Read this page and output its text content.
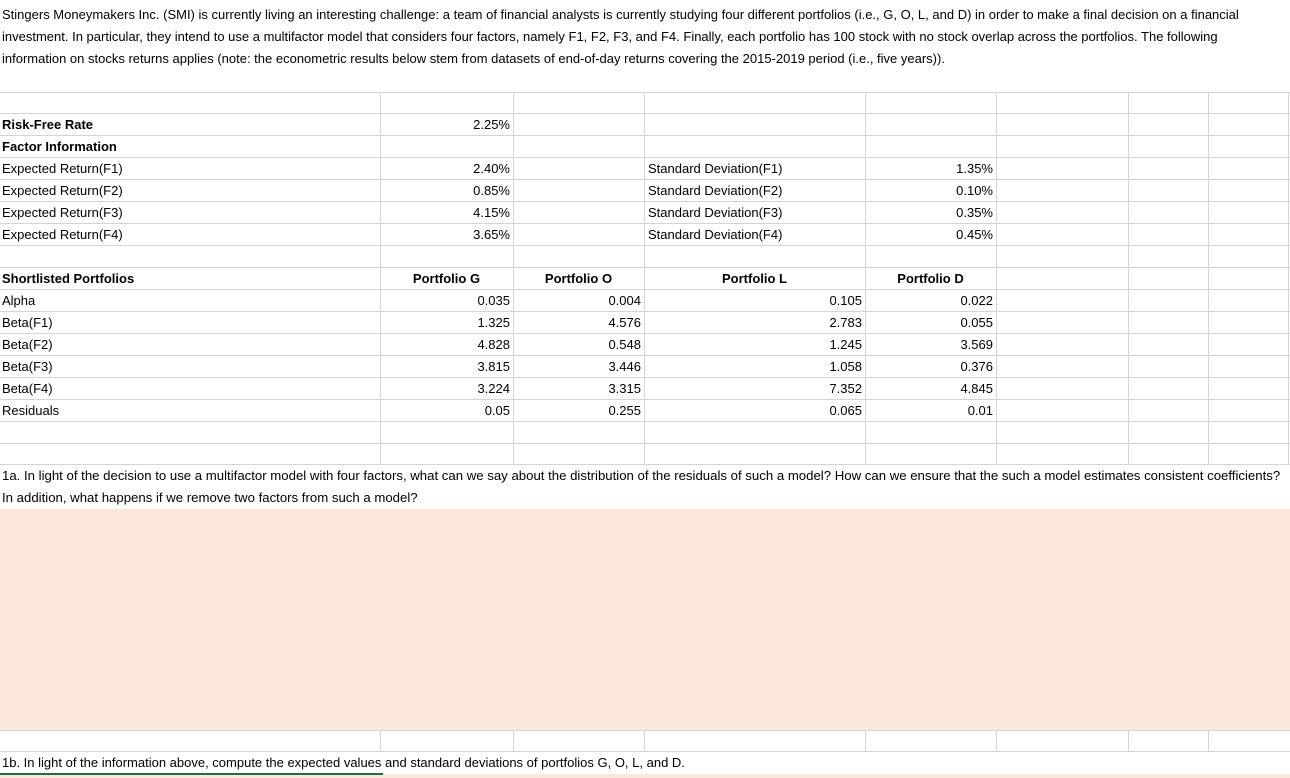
Stingers Moneymakers Inc. (SMI) is currently living an interesting challenge: a team of financial analysts is currently studying four different portfolios (i.e., G, O, L, and D) in order to make a final decision on a financial investment. In particular, they intend to use a multifactor model that considers four factors, namely F1, F2, F3, and F4. Finally, each portfolio has 100 stock with no stock overlap across the portfolios. The following information on stocks returns applies (note: the econometric results below stem from datasets of end-of-day returns covering the 2015-2019 period (i.e., five years)).
Risk-Free Rate	2.25%
Factor Information
Expected Return(F1)	2.40%	Standard Deviation(F1)	1.35%
Expected Return(F2)	0.85%	Standard Deviation(F2)	0.10%
Expected Return(F3)	4.15%	Standard Deviation(F3)	0.35%
Expected Return(F4)	3.65%	Standard Deviation(F4)	0.45%
Shortlisted Portfolios	Portfolio G	Portfolio O	Portfolio L	Portfolio D
Alpha	0.035	0.004	0.105	0.022
Beta(F1)	1.325	4.576	2.783	0.055
Beta(F2)	4.828	0.548	1.245	3.569
Beta(F3)	3.815	3.446	1.058	0.376
Beta(F4)	3.224	3.315	7.352	4.845
Residuals	0.05	0.255	0.065	0.01
1a. In light of the decision to use a multifactor model with four factors, what can we say about the distribution of the residuals of such a model? How can we ensure that the such a model estimates consistent coefficients? In addition, what happens if we remove two factors from such a model?
1b. In light of the information above, compute the expected values and standard deviations of portfolios G, O, L, and D.
